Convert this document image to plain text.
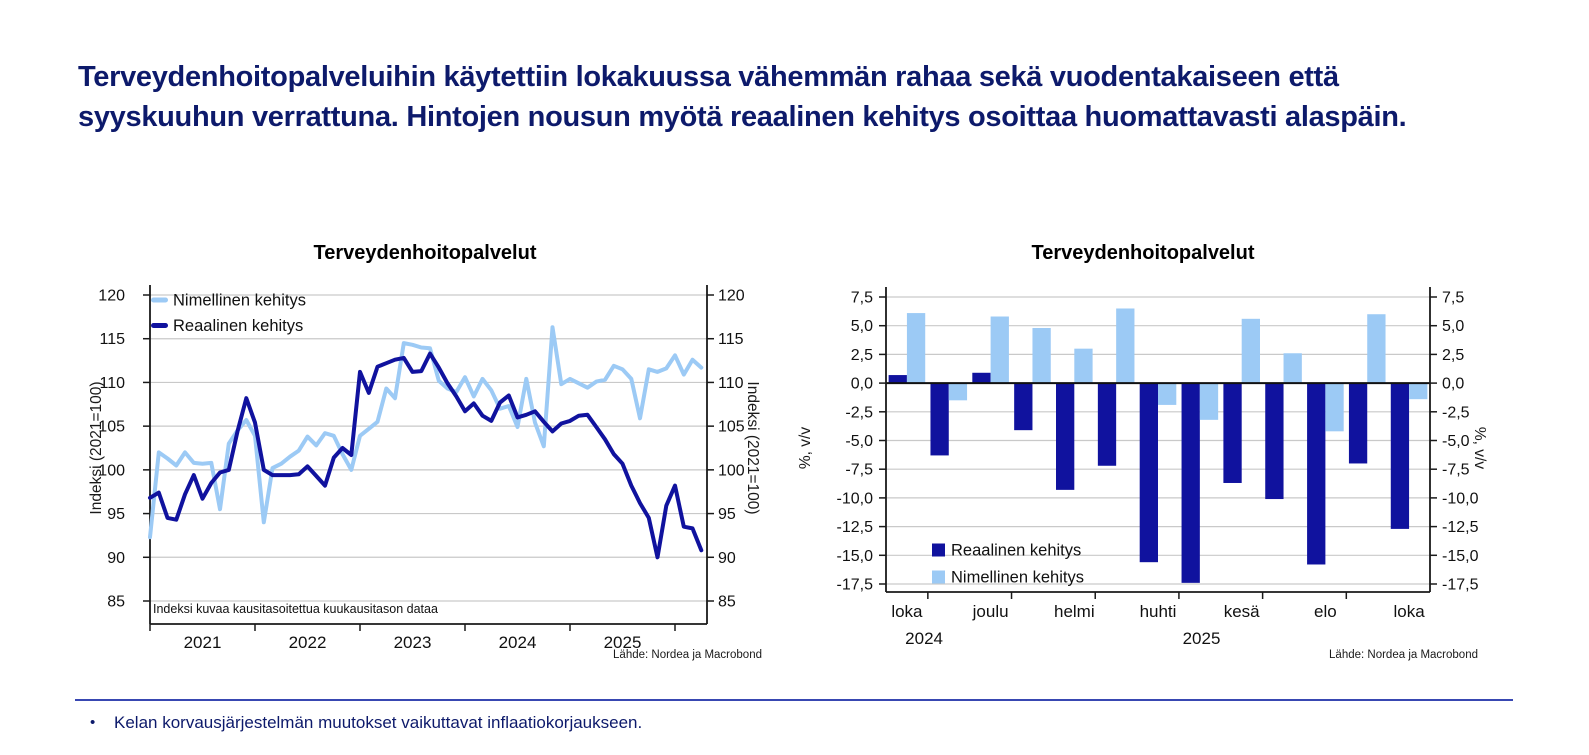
Terveydenhoitopalveluihin käytettiin lokakuussa vähemmän rahaa sekä vuodentakaiseen että syyskuuhun verrattuna. Hintojen nousun myötä reaalinen kehitys osoittaa huomattavasti alaspäin.
Terveydenhoitopalvelut
Indeksi (2021=100)	Indeksi (2021=100)
85	85
90	90
95	95
100	100
105	105
110	110
115	115
120	120
2021	2022	2023	2024	2025
Nimellinen kehitys
Reaalinen kehitys
Indeksi kuvaa kausitasoitettua kuukausitason dataa
Lähde: Nordea ja Macrobond
Terveydenhoitopalvelut
%, v/v	%, v/v
7,5	7,5
5,0	5,0
2,5	2,5
0,0	0,0
-2,5	-2,5
-5,0	-5,0
-7,5	-7,5
-10,0	-10,0
-12,5	-12,5
-15,0	-15,0
-17,5	-17,5
loka	joulu	helmi	huhti	kesä	elo	loka
2024	2025
Reaalinen kehitys
Nimellinen kehitys
Lähde: Nordea ja Macrobond
• Kelan korvausjärjestelmän muutokset vaikuttavat inflaatiokorjaukseen.
